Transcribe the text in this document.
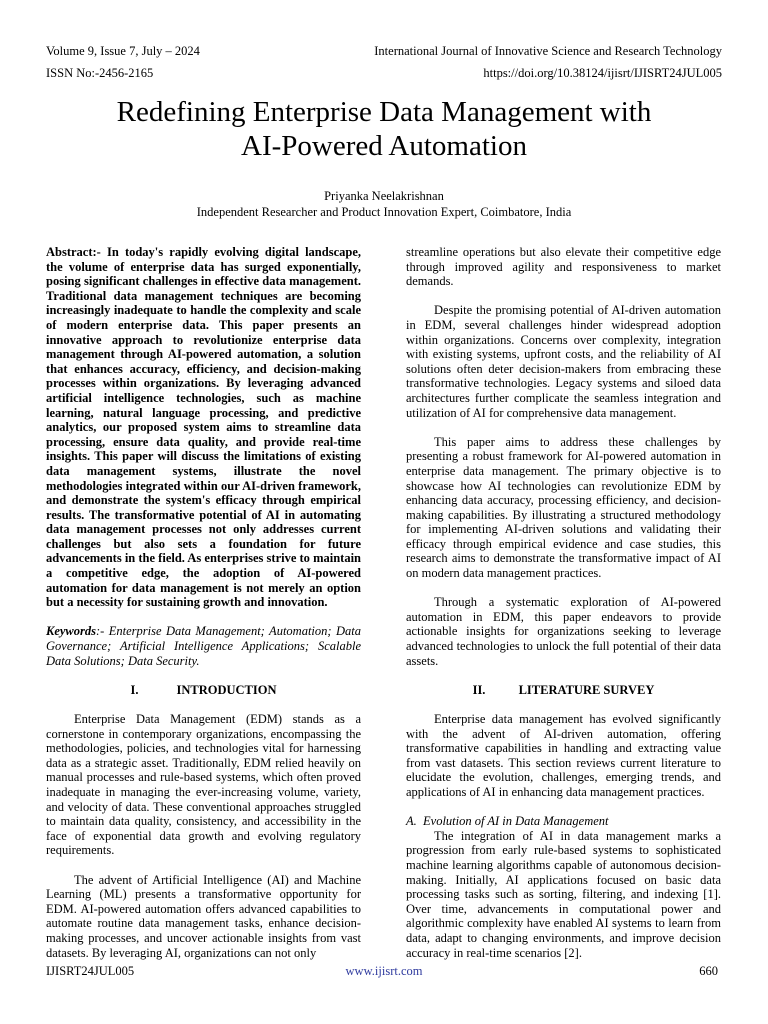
Volume 9, Issue 7, July – 2024	International Journal of Innovative Science and Research Technology
ISSN No:-2456-2165	https://doi.org/10.38124/ijisrt/IJISRT24JUL005
Redefining Enterprise Data Management with
AI-Powered Automation
Priyanka Neelakrishnan
Independent Researcher and Product Innovation Expert, Coimbatore, India

Abstract:- In today's rapidly evolving digital landscape, the volume of enterprise data has surged exponentially, posing significant challenges in effective data management. Traditional data management techniques are becoming increasingly inadequate to handle the complexity and scale of modern enterprise data. This paper presents an innovative approach to revolutionize enterprise data management through AI-powered automation, a solution that enhances accuracy, efficiency, and decision-making processes within organizations. By leveraging advanced artificial intelligence technologies, such as machine learning, natural language processing, and predictive analytics, our proposed system aims to streamline data processing, ensure data quality, and provide real-time insights. This paper will discuss the limitations of existing data management systems, illustrate the novel methodologies integrated within our AI-driven framework, and demonstrate the system's efficacy through empirical results. The transformative potential of AI in automating data management processes not only addresses current challenges but also sets a foundation for future advancements in the field. As enterprises strive to maintain a competitive edge, the adoption of AI-powered automation for data management is not merely an option but a necessity for sustaining growth and innovation.

Keywords:- Enterprise Data Management; Automation; Data Governance; Artificial Intelligence Applications; Scalable Data Solutions; Data Security.

I.	INTRODUCTION

Enterprise Data Management (EDM) stands as a cornerstone in contemporary organizations, encompassing the methodologies, policies, and technologies vital for harnessing data as a strategic asset. Traditionally, EDM relied heavily on manual processes and rule-based systems, which often proved inadequate in managing the ever-increasing volume, variety, and velocity of data. These conventional approaches struggled to maintain data quality, consistency, and accessibility in the face of exponential data growth and evolving regulatory requirements.

The advent of Artificial Intelligence (AI) and Machine Learning (ML) presents a transformative opportunity for EDM. AI-powered automation offers advanced capabilities to automate routine data management tasks, enhance decision-making processes, and uncover actionable insights from vast datasets. By leveraging AI, organizations can not only

streamline operations but also elevate their competitive edge through improved agility and responsiveness to market demands.

Despite the promising potential of AI-driven automation in EDM, several challenges hinder widespread adoption within organizations. Concerns over complexity, integration with existing systems, upfront costs, and the reliability of AI solutions often deter decision-makers from embracing these transformative technologies. Legacy systems and siloed data architectures further complicate the seamless integration and utilization of AI for comprehensive data management.

This paper aims to address these challenges by presenting a robust framework for AI-powered automation in enterprise data management. The primary objective is to showcase how AI technologies can revolutionize EDM by enhancing data accuracy, processing efficiency, and decision-making capabilities. By illustrating a structured methodology for implementing AI-driven solutions and validating their efficacy through empirical evidence and case studies, this research aims to demonstrate the transformative impact of AI on modern data management practices.

Through a systematic exploration of AI-powered automation in EDM, this paper endeavors to provide actionable insights for organizations seeking to leverage advanced technologies to unlock the full potential of their data assets.

II.	LITERATURE SURVEY

Enterprise data management has evolved significantly with the advent of AI-driven automation, offering transformative capabilities in handling and extracting value from vast datasets. This section reviews current literature to elucidate the evolution, challenges, emerging trends, and applications of AI in enhancing data management practices.

A.  Evolution of AI in Data Management

The integration of AI in data management marks a progression from early rule-based systems to sophisticated machine learning algorithms capable of autonomous decision-making. Initially, AI applications focused on basic data processing tasks such as sorting, filtering, and indexing [1]. Over time, advancements in computational power and algorithmic complexity have enabled AI systems to learn from data, adapt to changing environments, and improve decision accuracy in real-time scenarios [2].

IJISRT24JUL005	www.ijisrt.com	660
